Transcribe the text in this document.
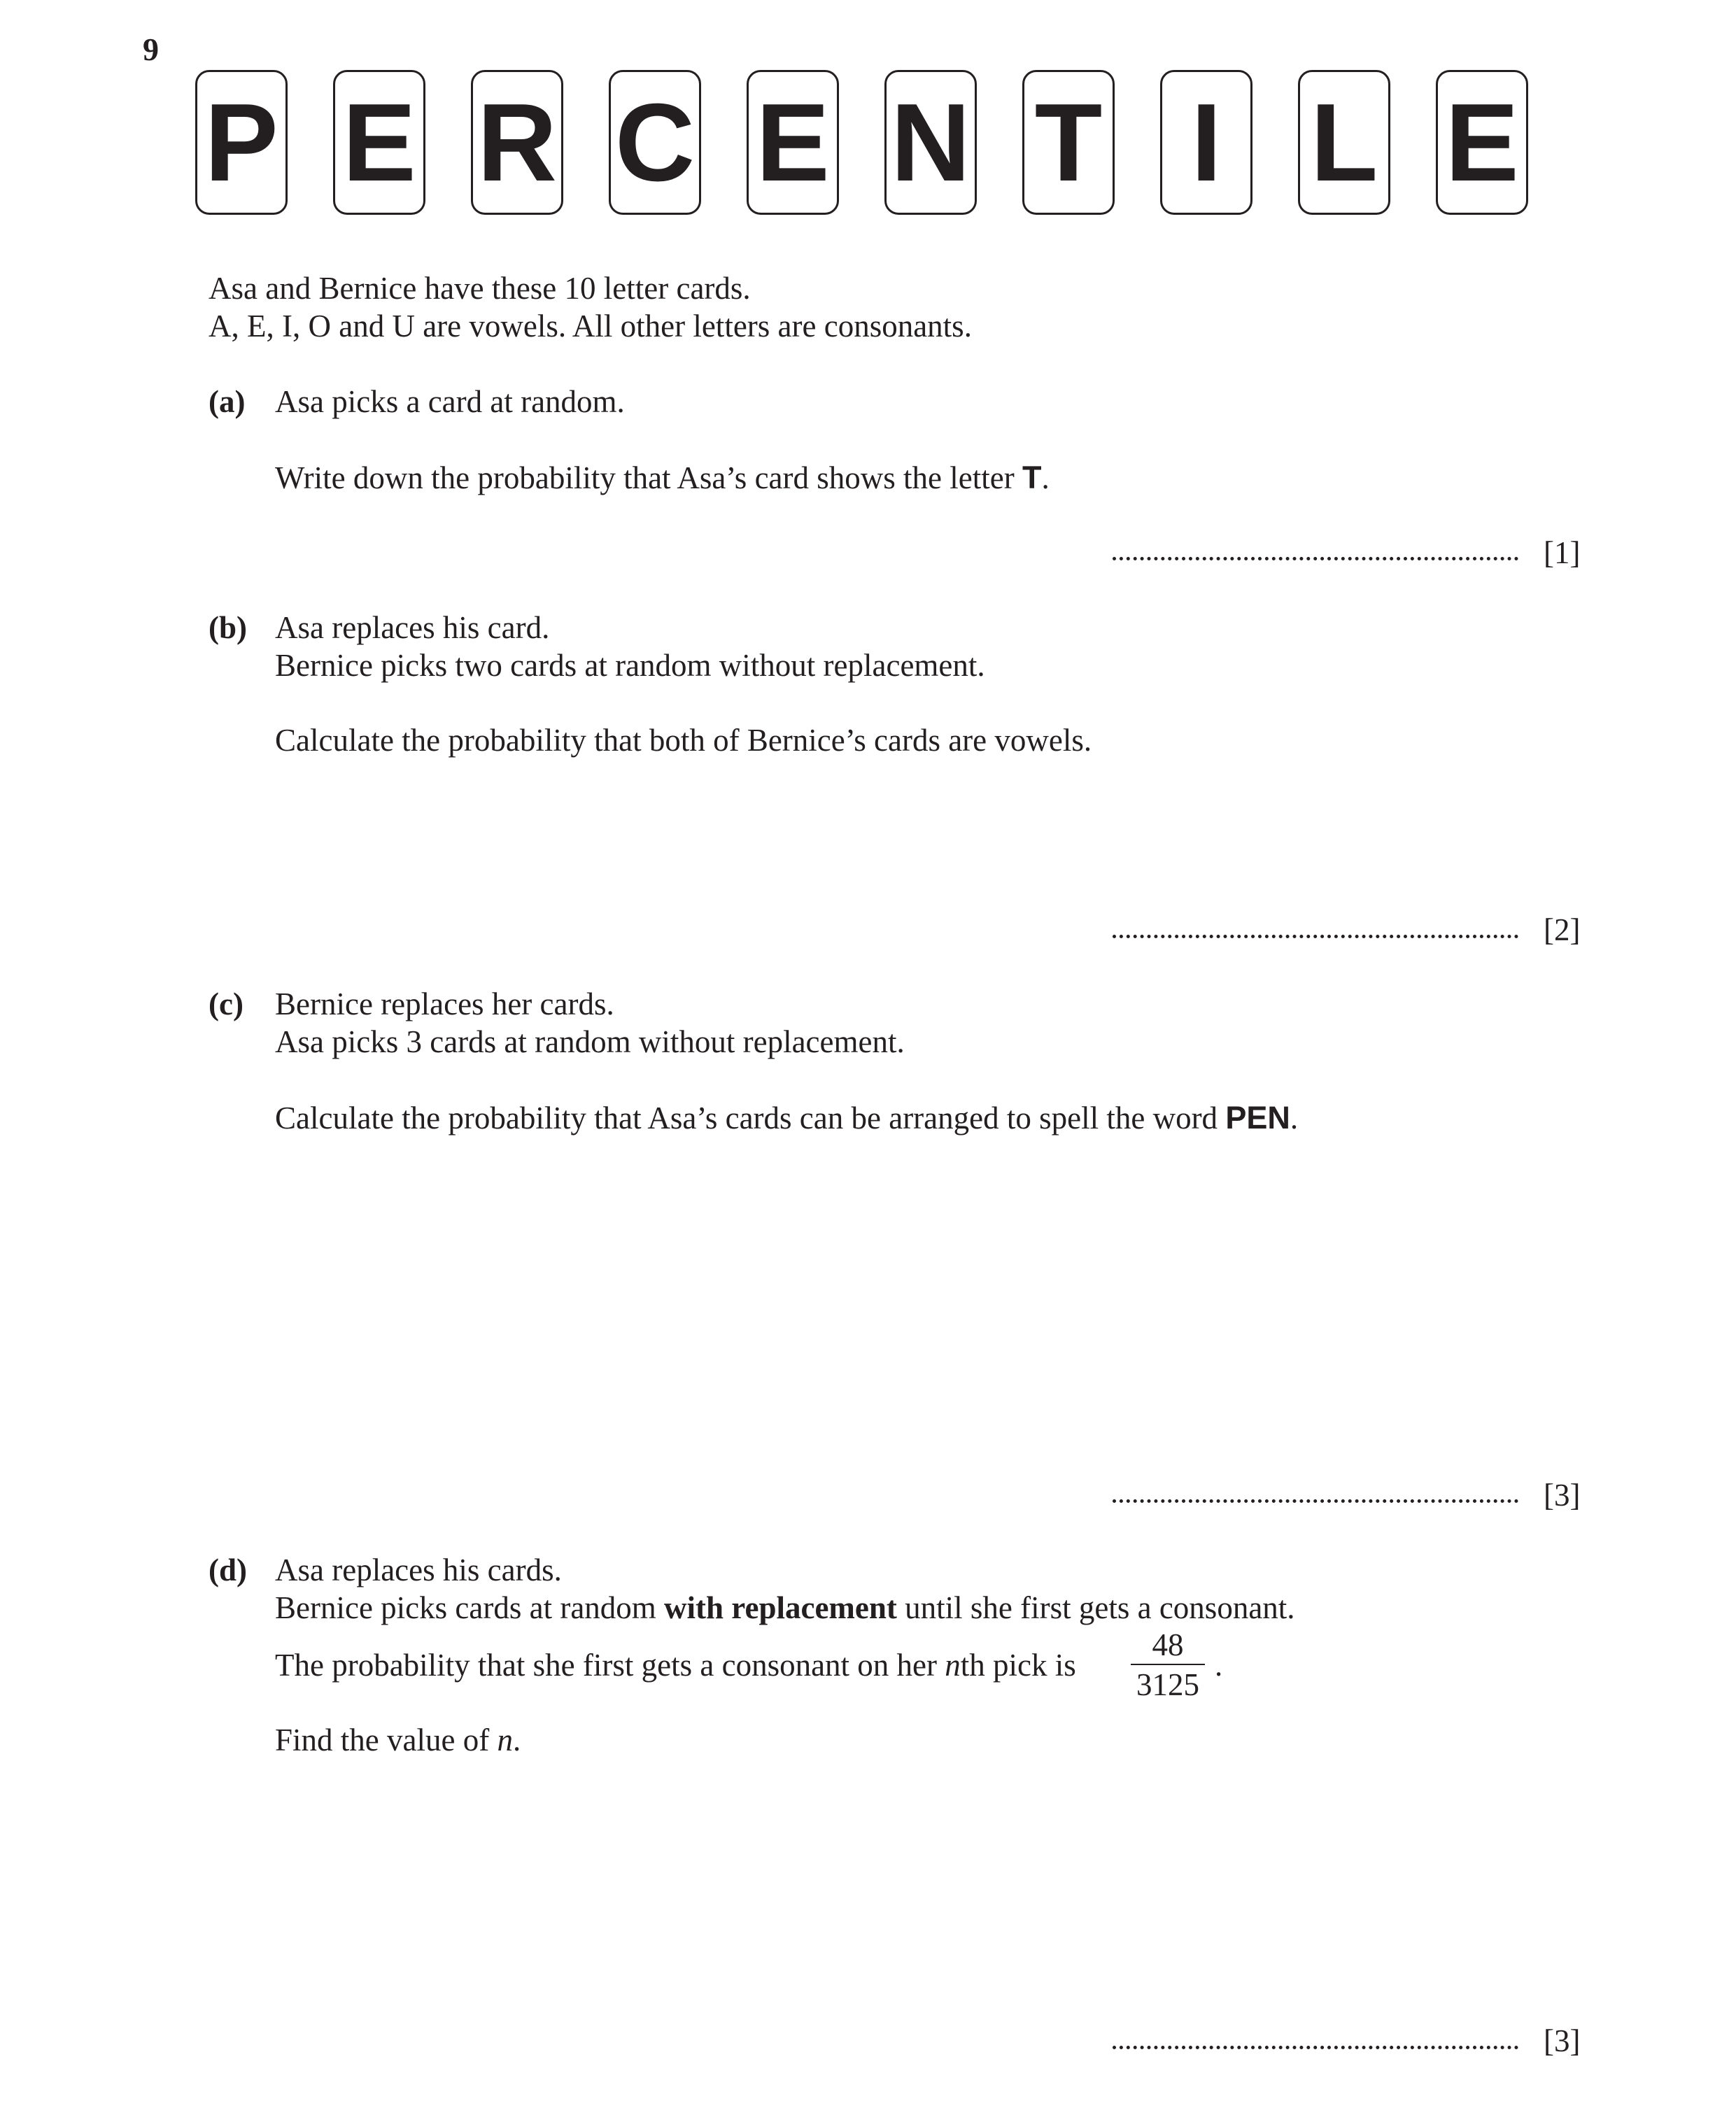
9
P E R C E N T I L E
Asa and Bernice have these 10 letter cards.
A, E, I, O and U are vowels. All other letters are consonants.
(a) Asa picks a card at random.
Write down the probability that Asa’s card shows the letter T.
[1]
(b) Asa replaces his card.
Bernice picks two cards at random without replacement.
Calculate the probability that both of Bernice’s cards are vowels.
[2]
(c) Bernice replaces her cards.
Asa picks 3 cards at random without replacement.
Calculate the probability that Asa’s cards can be arranged to spell the word PEN.
[3]
(d) Asa replaces his cards.
Bernice picks cards at random with replacement until she first gets a consonant.
The probability that she first gets a consonant on her nth pick is
48
3125
.
Find the value of n.
[3]
